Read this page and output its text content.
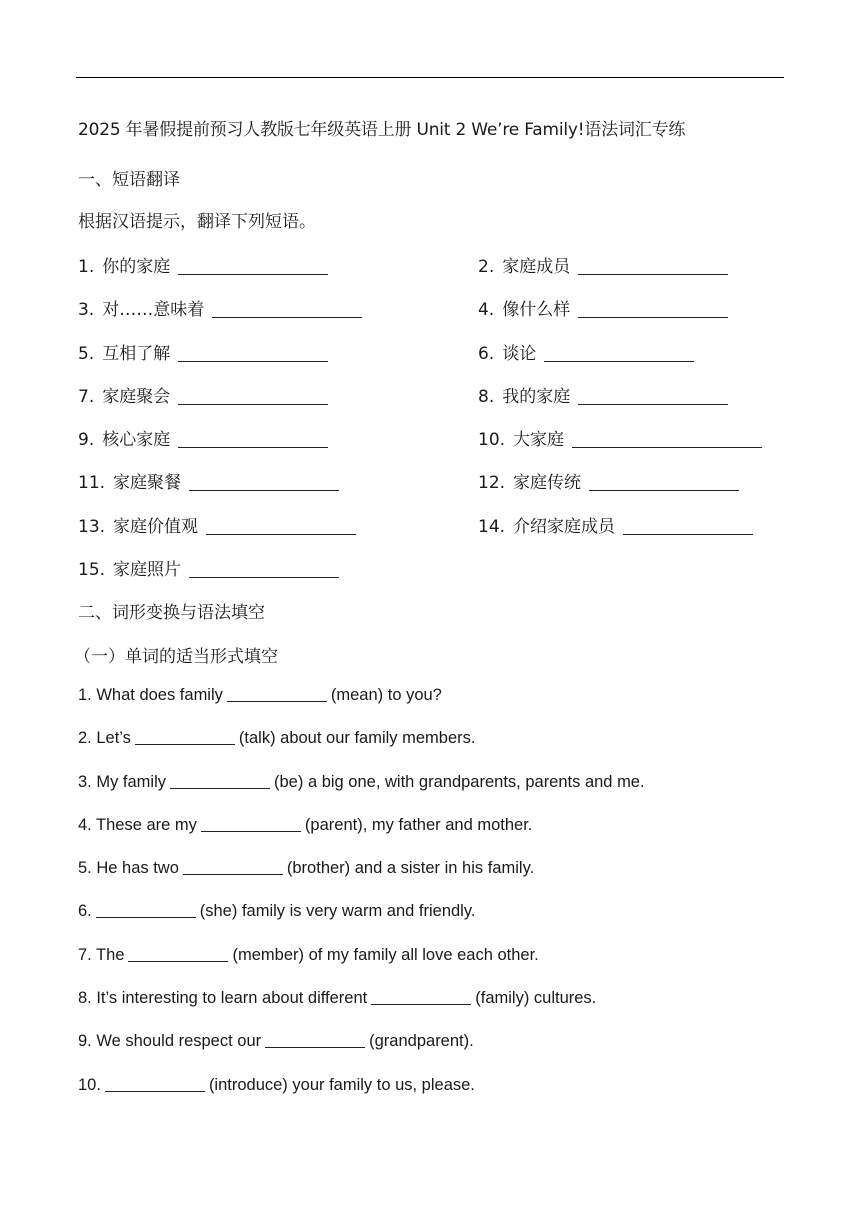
2025 年暑假提前预习人教版七年级英语上册 Unit 2 We’re Family!语法词汇专练
一、短语翻译
根据汉语提示，翻译下列短语。
1. 你的家庭	2. 家庭成员
3. 对……意味着	4. 像什么样
5. 互相了解	6. 谈论
7. 家庭聚会	8. 我的家庭
9. 核心家庭	10. 大家庭
11. 家庭聚餐	12. 家庭传统
13. 家庭价值观	14. 介绍家庭成员
15. 家庭照片
二、词形变换与语法填空
（一）单词的适当形式填空
1. What does family	(mean) to you?
2. Let’s	(talk) about our family members.
3. My family	(be) a big one, with grandparents, parents and me.
4. These are my	(parent), my father and mother.
5. He has two	(brother) and a sister in his family.
6.	(she) family is very warm and friendly.
7. The	(member) of my family all love each other.
8. It’s interesting to learn about different	(family) cultures.
9. We should respect our	(grandparent).
10.	(introduce) your family to us, please.
